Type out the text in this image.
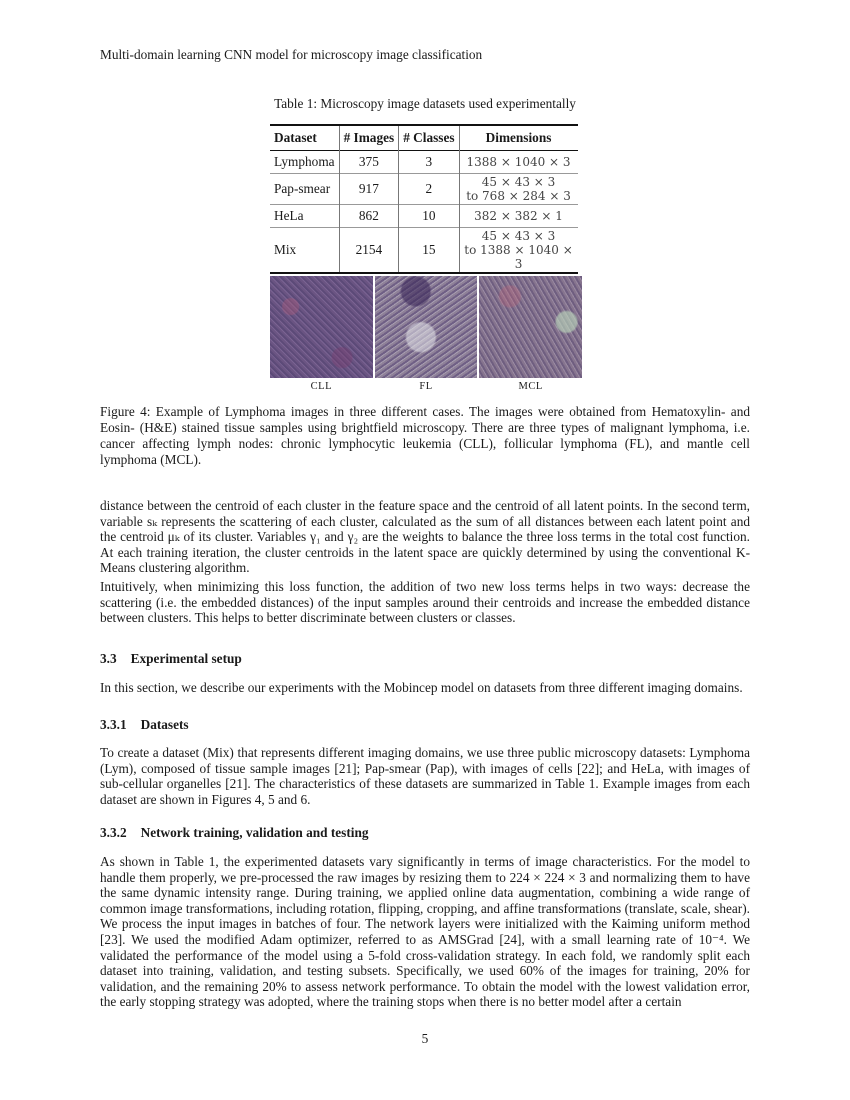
Multi-domain learning CNN model for microscopy image classification
Table 1: Microscopy image datasets used experimentally
Dataset	# Images	# Classes	Dimensions
Lymphoma	375	3	1388 × 1040 × 3

Pap-smear	917	2	45 × 43 × 3
to 768 × 284 × 3

HeLa	862	10	382 × 382 × 1

Mix	2154	15	45 × 43 × 3
to 1388 × 1040 × 3
CLL	FL	MCL
Figure 4: Example of Lymphoma images in three different cases. The images were obtained from Hematoxylin- and Eosin- (H&E) stained tissue samples using brightfield microscopy. There are three types of malignant lymphoma, i.e. cancer affecting lymph nodes: chronic lymphocytic leukemia (CLL), follicular lymphoma (FL), and mantle cell lymphoma (MCL).
distance between the centroid of each cluster in the feature space and the centroid of all latent points. In the second term, variable sₖ represents the scattering of each cluster, calculated as the sum of all distances between each latent point and the centroid μₖ of its cluster. Variables γ₁ and γ₂ are the weights to balance the three loss terms in the total cost function. At each training iteration, the cluster centroids in the latent space are quickly determined by using the conventional K-Means clustering algorithm.
Intuitively, when minimizing this loss function, the addition of two new loss terms helps in two ways: decrease the scattering (i.e. the embedded distances) of the input samples around their centroids and increase the embedded distance between clusters. This helps to better discriminate between clusters or classes.
3.3 Experimental setup
In this section, we describe our experiments with the Mobincep model on datasets from three different imaging domains.
3.3.1 Datasets
To create a dataset (Mix) that represents different imaging domains, we use three public microscopy datasets: Lymphoma (Lym), composed of tissue sample images [21]; Pap-smear (Pap), with images of cells [22]; and HeLa, with images of sub-cellular organelles [21]. The characteristics of these datasets are summarized in Table 1. Example images from each dataset are shown in Figures 4, 5 and 6.
3.3.2 Network training, validation and testing
As shown in Table 1, the experimented datasets vary significantly in terms of image characteristics. For the model to handle them properly, we pre-processed the raw images by resizing them to 224 × 224 × 3 and normalizing them to have the same dynamic intensity range. During training, we applied online data augmentation, combining a wide range of common image transformations, including rotation, flipping, cropping, and affine transformations (translate, scale, shear). We process the input images in batches of four. The network layers were initialized with the Kaiming uniform method [23]. We used the modified Adam optimizer, referred to as AMSGrad [24], with a small learning rate of 10⁻⁴. We validated the performance of the model using a 5-fold cross-validation strategy. In each fold, we randomly split each dataset into training, validation, and testing subsets. Specifically, we used 60% of the images for training, 20% for validation, and the remaining 20% to assess network performance. To obtain the model with the lowest validation error, the early stopping strategy was adopted, where the training stops when there is no better model after a certain
5
